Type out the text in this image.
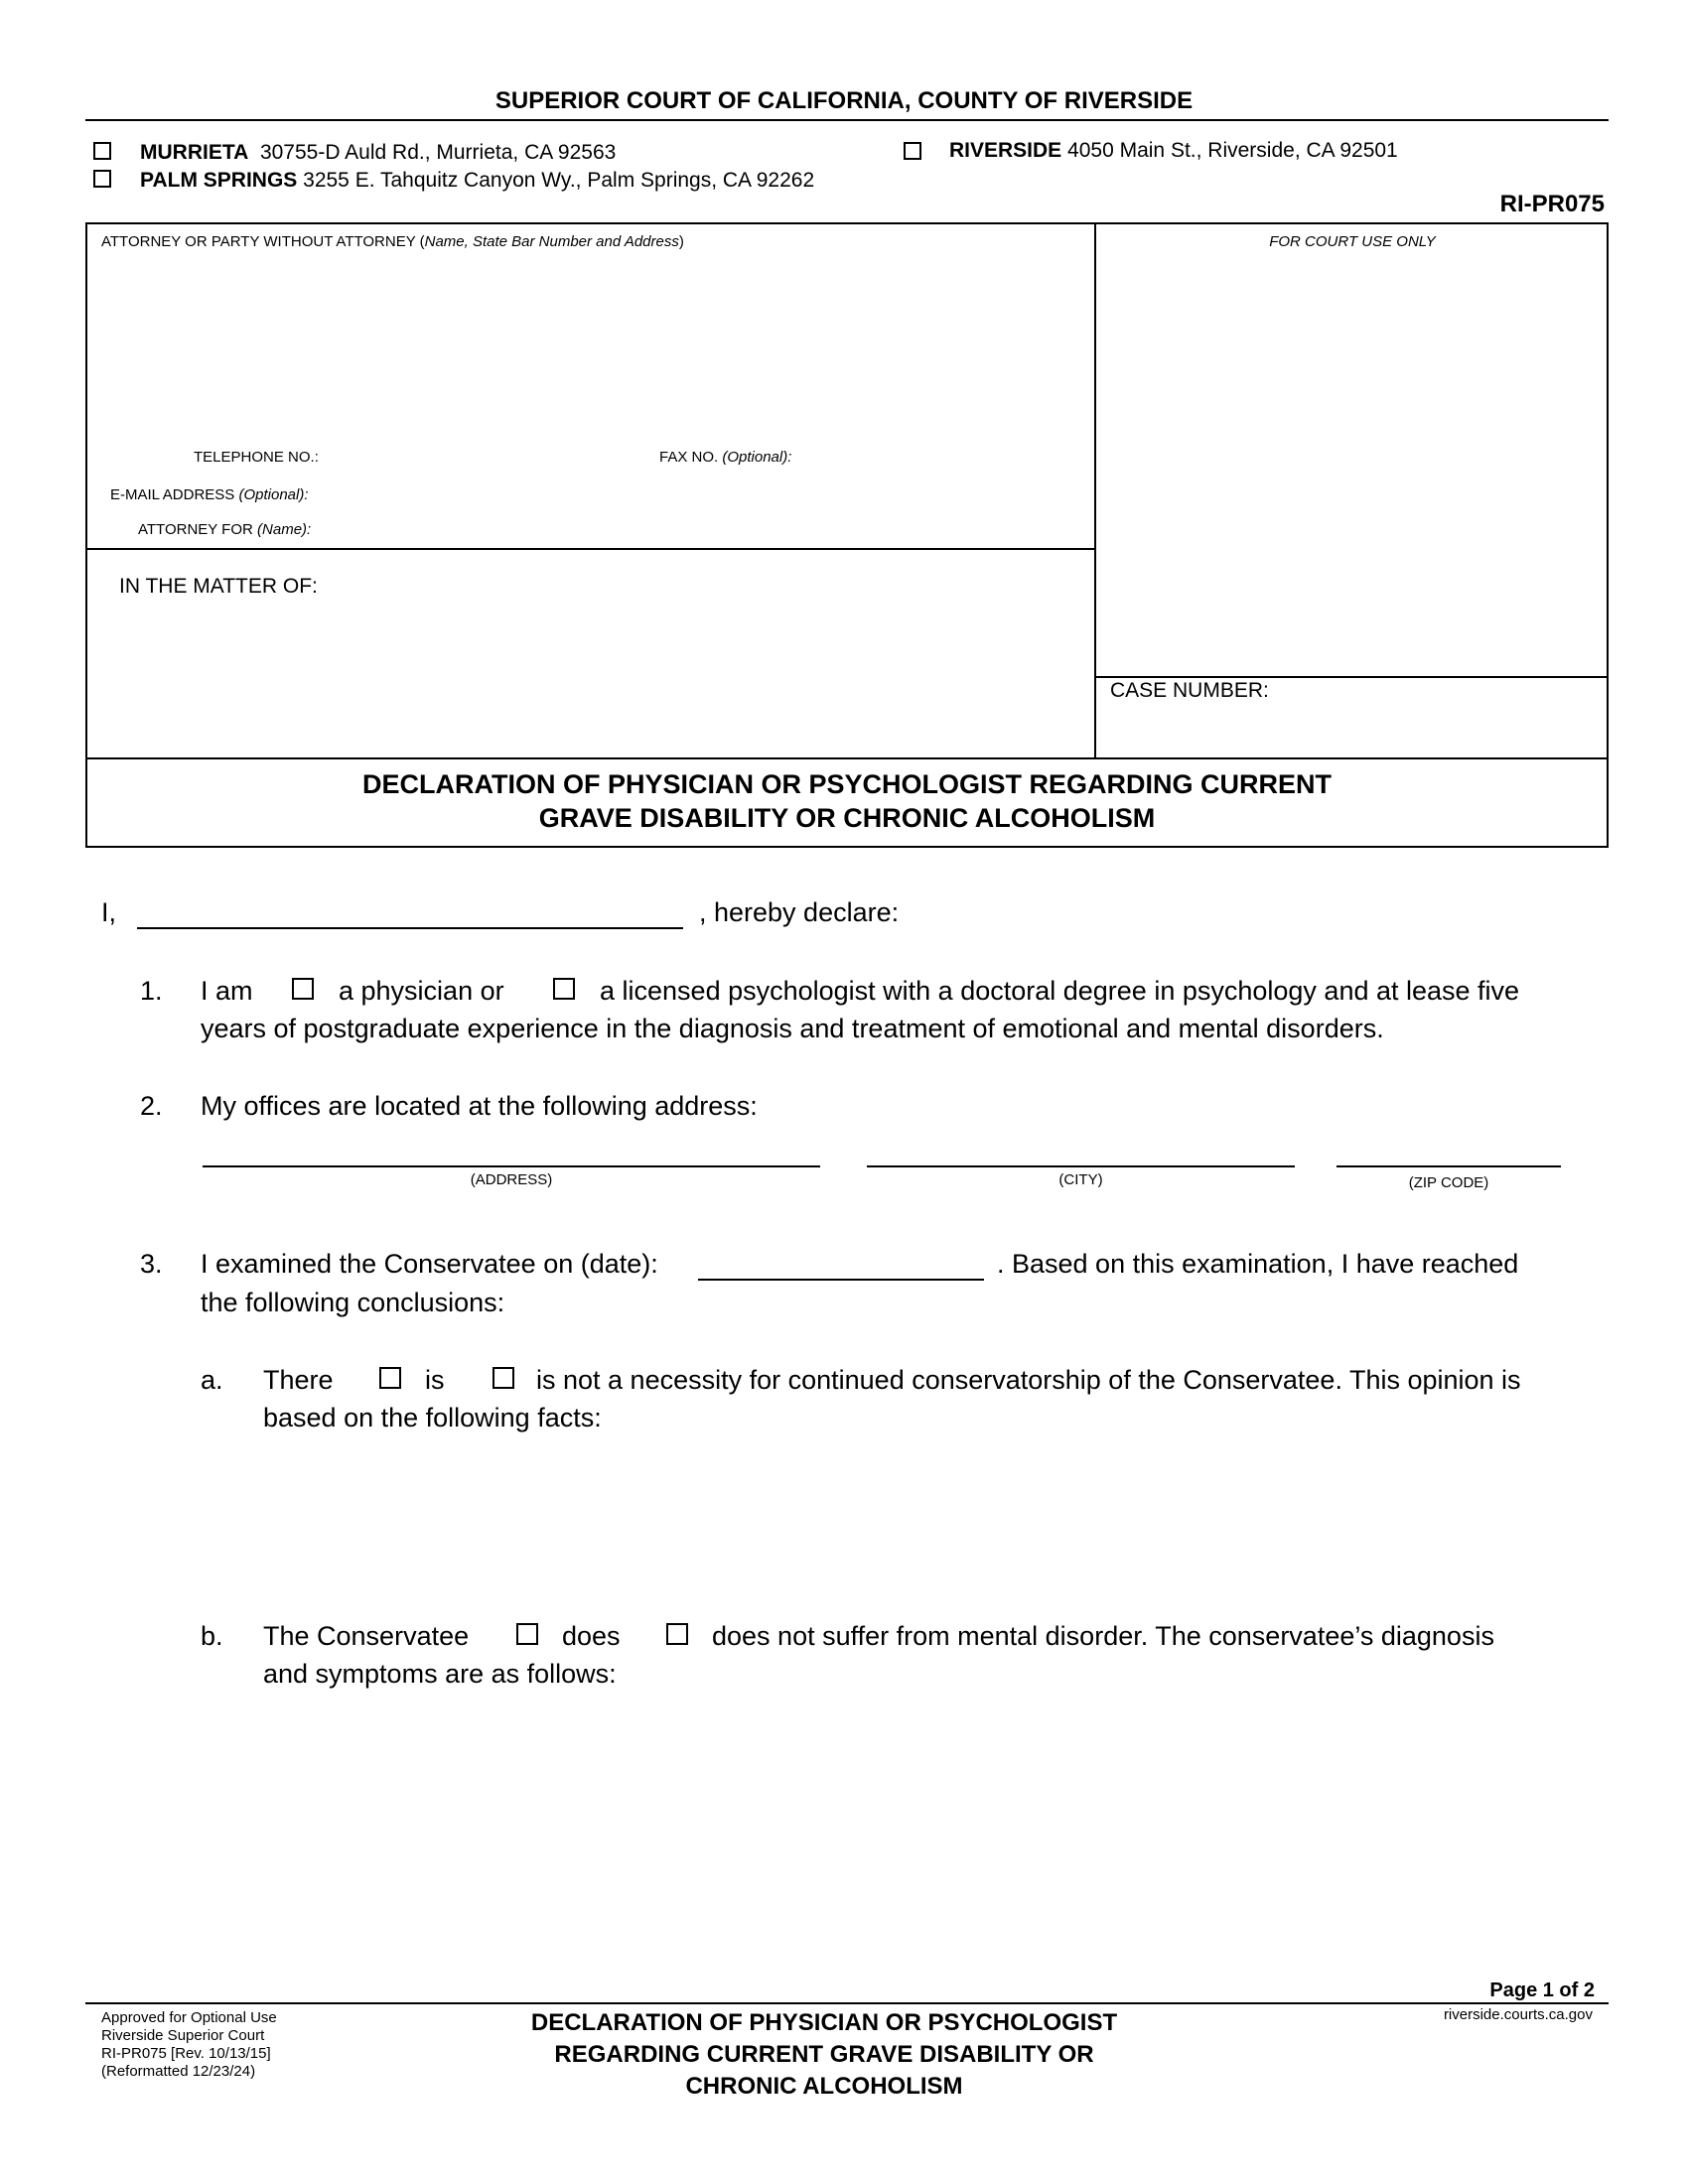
SUPERIOR COURT OF CALIFORNIA, COUNTY OF RIVERSIDE
MURRIETA 30755-D Auld Rd., Murrieta, CA 92563
PALM SPRINGS 3255 E. Tahquitz Canyon Wy., Palm Springs, CA 92262
RIVERSIDE 4050 Main St., Riverside, CA 92501
RI-PR075
ATTORNEY OR PARTY WITHOUT ATTORNEY (Name, State Bar Number and Address)	FOR COURT USE ONLY
TELEPHONE NO.:	FAX NO. (Optional):
E-MAIL ADDRESS (Optional):
ATTORNEY FOR (Name):
IN THE MATTER OF:
CASE NUMBER:
DECLARATION OF PHYSICIAN OR PSYCHOLOGIST REGARDING CURRENT
GRAVE DISABILITY OR CHRONIC ALCOHOLISM
I,	, hereby declare:
1. I am	a physician or	a licensed psychologist with a doctoral degree in psychology and at lease five
years of postgraduate experience in the diagnosis and treatment of emotional and mental disorders.
2. My offices are located at the following address:
(ADDRESS)	(CITY)	(ZIP CODE)
3. I examined the Conservatee on (date):	. Based on this examination, I have reached
the following conclusions:
a. There	is	is not a necessity for continued conservatorship of the Conservatee. This opinion is
based on the following facts:
b. The Conservatee	does	does not suffer from mental disorder. The conservatee’s diagnosis
and symptoms are as follows:
Page 1 of 2
Approved for Optional Use
Riverside Superior Court
RI-PR075 [Rev. 10/13/15]
(Reformatted 12/23/24)
DECLARATION OF PHYSICIAN OR PSYCHOLOGIST
REGARDING CURRENT GRAVE DISABILITY OR
CHRONIC ALCOHOLISM
riverside.courts.ca.gov
